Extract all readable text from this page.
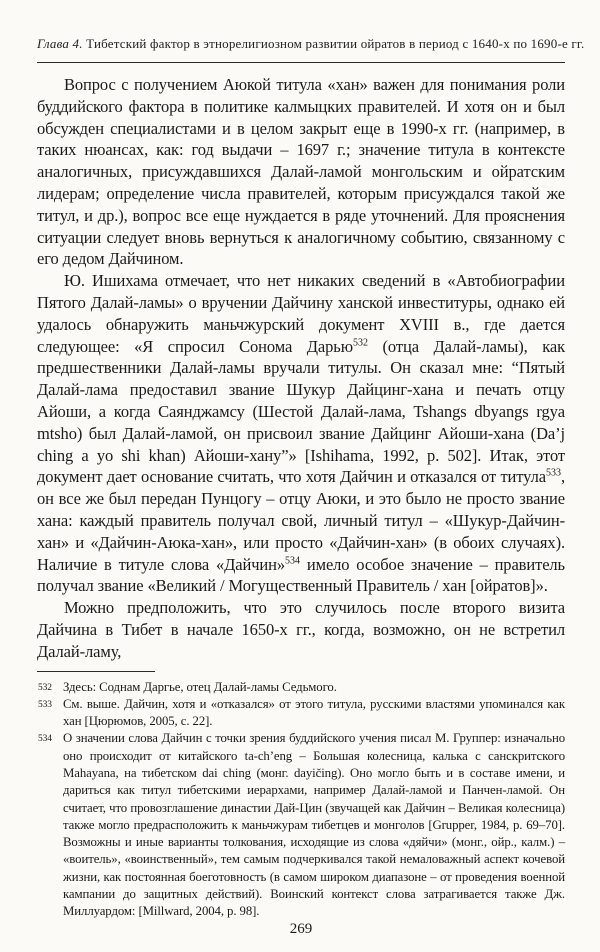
Глава 4. Тибетский фактор в этнорелигиозном развитии ойратов в период с 1640-х по 1690-е гг.

Вопрос с получением Аюкой титула «хан» важен для понимания роли буддийского фактора в политике калмыцких правителей. И хотя он и был обсужден специалистами и в целом закрыт еще в 1990-х гг. (например, в таких нюансах, как: год выдачи – 1697 г.; значение титула в контексте аналогичных, присуждавшихся Далай-ламой монгольским и ойратским лидерам; определение числа правителей, которым присуждался такой же титул, и др.), вопрос все еще нуждается в ряде уточнений. Для прояснения ситуации следует вновь вернуться к аналогичному событию, связанному с его дедом Дайчином.

Ю. Ишихама отмечает, что нет никаких сведений в «Автобиографии Пятого Далай-ламы» о вручении Дайчину ханской инвеституры, однако ей удалось обнаружить маньчжурский документ XVIII в., где дается следующее: «Я спросил Сонома Дарью$^{532}$ (отца Далай-ламы), как предшественники Далай-ламы вручали титулы. Он сказал мне: “Пятый Далай-лама предоставил звание Шукур Дайцинг-хана и печать отцу Айоши, а когда Саянджамсу (Шестой Далай-лама, Tshangs dbyangs rgya mtsho) был Далай-ламой, он присвоил звание Дайцинг Айоши-хана (Da’j ching a yo shi khan) Айоши-хану”» [Ishihama, 1992, p. 502]. Итак, этот документ дает основание считать, что хотя Дайчин и отказался от титула$^{533}$, он все же был передан Пунцогу – отцу Аюки, и это было не просто звание хана: каждый правитель получал свой, личный титул – «Шукур-Дайчин-хан» и «Дайчин-Аюка-хан», или просто «Дайчин-хан» (в обоих случаях). Наличие в титуле слова «Дайчин»$^{534}$ имело особое значение – правитель получал звание «Великий / Могущественный Правитель / хан [ойратов]».

Можно предположить, что это случилось после второго визита Дайчина в Тибет в начале 1650-х гг., когда, возможно, он не встретил Далай-ламу,

532 Здесь: Соднам Даргье, отец Далай-ламы Седьмого.

533 См. выше. Дайчин, хотя и «отказался» от этого титула, русскими властями упоминался как хан [Цюрюмов, 2005, с. 22].

534 О значении слова Дайчин с точки зрения буддийского учения писал М. Группер: изначально оно происходит от китайского ta-ch’eng – Большая колесница, калька с санскритского Mahayana, на тибетском dai ching (монг. dayičing). Оно могло быть и в составе имени, и дариться как титул тибетскими иерархами, например Далай-ламой и Панчен-ламой. Он считает, что провозглашение династии Дай-Цин (звучащей как Дайчин – Великая колесница) также могло предрасположить к маньчжурам тибетцев и монголов [Grupper, 1984, p. 69–70]. Возможны и иные варианты толкования, исходящие из слова «дяйчи» (монг., ойр., калм.) – «воитель», «воинственный», тем самым подчеркивался такой немаловажный аспект кочевой жизни, как постоянная боеготовность (в самом широком диапазоне – от проведения военной кампании до защитных действий). Воинский контекст слова затрагивается также Дж. Миллуардом: [Millward, 2004, p. 98].

269
